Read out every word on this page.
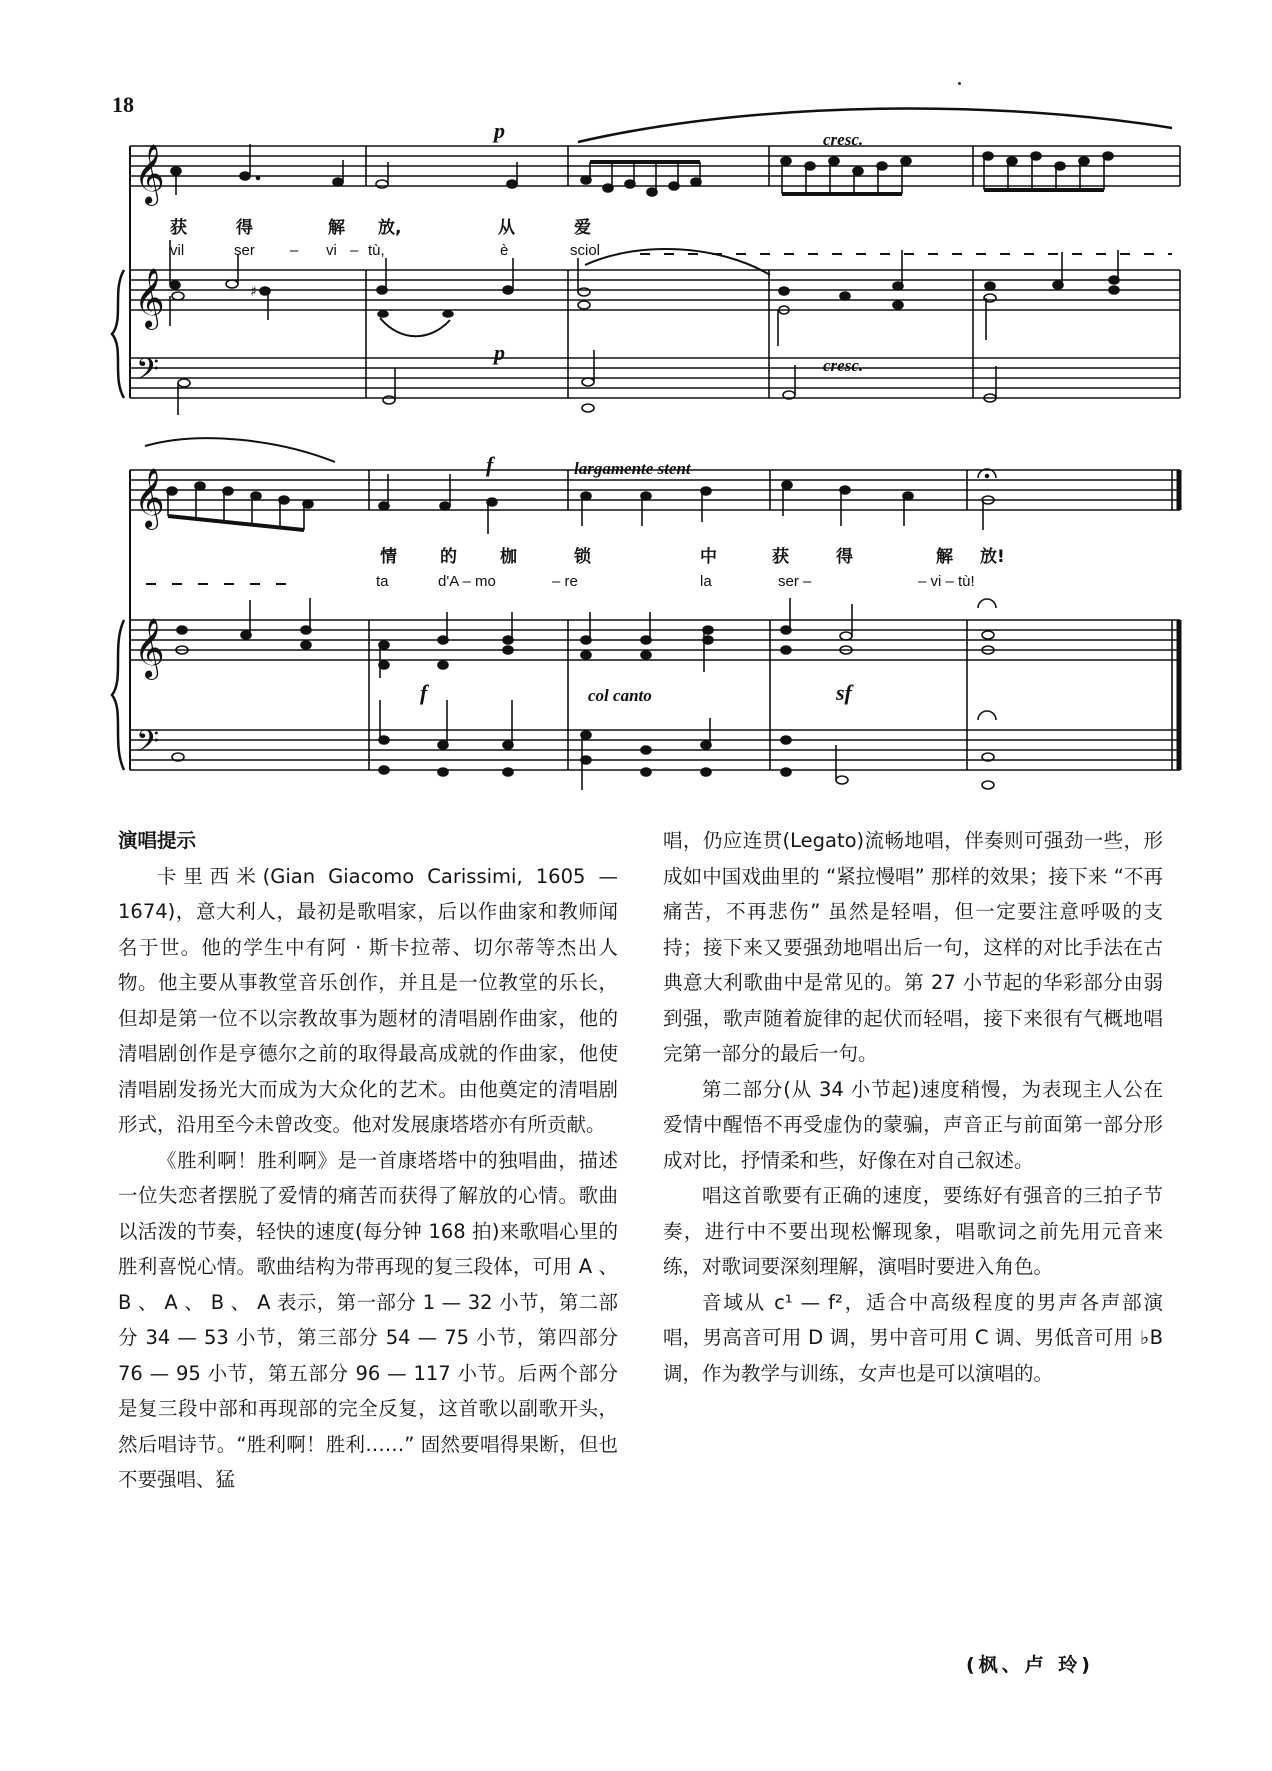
18
𝄞
𝄞
𝄢
𝄞
𝄞
𝄢
♯
p	cresc.
获	得	解 放,	从	爱
vil	ser – vi – tù,	è	sciol
p
cresc.
f	largamente stent
情	的	枷	锁	中	获	得	解 放!
ta	d'A – mo	– re	la	ser –	– vi – tù!
f	col canto	sf

演唱提示

卡里西米(Gian Giacomo Carissimi, 1605 — 1674)，意大利人，最初是歌唱家，后以作曲家和教师闻名于世。他的学生中有阿 · 斯卡拉蒂、切尔蒂等杰出人物。他主要从事教堂音乐创作，并且是一位教堂的乐长，但却是第一位不以宗教故事为题材的清唱剧作曲家，他的清唱剧创作是亨德尔之前的取得最高成就的作曲家，他使清唱剧发扬光大而成为大众化的艺术。由他奠定的清唱剧形式，沿用至今未曾改变。他对发展康塔塔亦有所贡献。

《胜利啊！胜利啊》是一首康塔塔中的独唱曲，描述一位失恋者摆脱了爱情的痛苦而获得了解放的心情。歌曲以活泼的节奏，轻快的速度(每分钟 168 拍)来歌唱心里的胜利喜悦心情。歌曲结构为带再现的复三段体，可用 A 、 B 、 A 、 B 、 A 表示，第一部分 1 — 32 小节，第二部分 34 — 53 小节，第三部分 54 — 75 小节，第四部分 76 — 95 小节，第五部分 96 — 117 小节。后两个部分是复三段中部和再现部的完全反复，这首歌以副歌开头，然后唱诗节。“胜利啊！胜利……” 固然要唱得果断，但也不要强唱、猛

唱，仍应连贯(Legato)流畅地唱，伴奏则可强劲一些，形成如中国戏曲里的 “紧拉慢唱” 那样的效果；接下来 “不再痛苦，不再悲伤” 虽然是轻唱，但一定要注意呼吸的支持；接下来又要强劲地唱出后一句，这样的对比手法在古典意大利歌曲中是常见的。第 27 小节起的华彩部分由弱到强，歌声随着旋律的起伏而轻唱，接下来很有气概地唱完第一部分的最后一句。

第二部分(从 34 小节起)速度稍慢，为表现主人公在爱情中醒悟不再受虚伪的蒙骗，声音正与前面第一部分形成对比，抒情柔和些，好像在对自己叙述。

唱这首歌要有正确的速度，要练好有强音的三拍子节奏，进行中不要出现松懈现象，唱歌词之前先用元音来练，对歌词要深刻理解，演唱时要进入角色。

音域从 c¹ — f²，适合中高级程度的男声各声部演唱，男高音可用 D 调，男中音可用 C 调、男低音可用 ♭B 调，作为教学与训练，女声也是可以演唱的。

(枫、卢 玲)
